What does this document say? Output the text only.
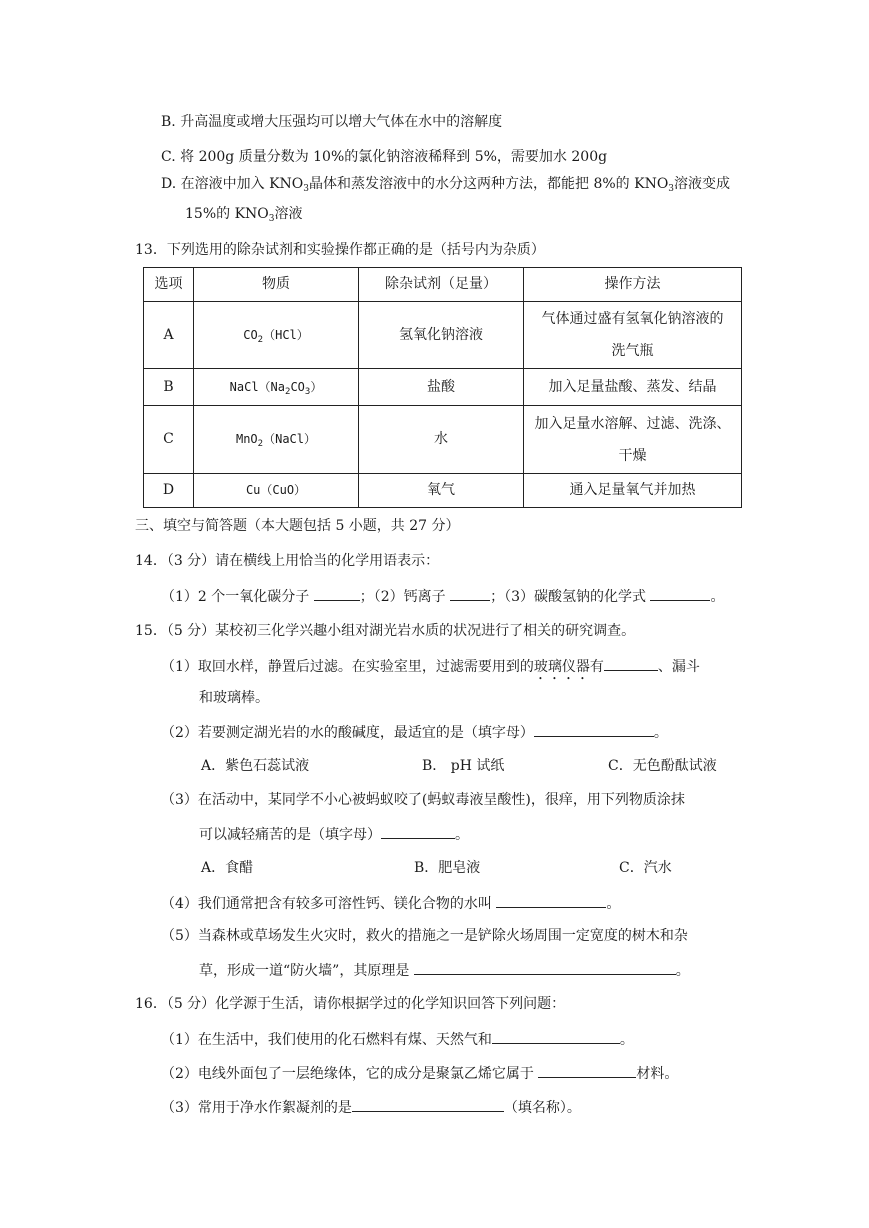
B. 升高温度或增大压强均可以增大气体在水中的溶解度
C. 将 200g 质量分数为 10%的氯化钠溶液稀释到 5%，需要加水 200g
D. 在溶液中加入 $KNO_3$晶体和蒸发溶液中的水分这两种方法，都能把 8%的 $KNO_3$溶液变成
15%的 $KNO_3$溶液
13．下列选用的除杂试剂和实验操作都正确的是（括号内为杂质）
选项	物质	除杂试剂（足量）	操作方法
A	$CO_2(HCl)$	氢氧化钠溶液	气体通过盛有氢氧化钠溶液的
洗气瓶

B	$NaCl(Na_2CO_3)$	盐酸	加入足量盐酸、蒸发、结晶

C	MnO$_2$（NaCl）	水	加入足量水溶解、过滤、洗涤、
干燥

D	Cu（CuO）	氧气	通入足量氧气并加热
三、填空与简答题（本大题包括 5 小题，共 27 分）
14．（3 分）请在横线上用恰当的化学用语表示：
（1）2 个一氧化碳分子	；（2）钙离子	；（3）碳酸氢钠的化学式	。
15．（5 分）某校初三化学兴趣小组对湖光岩水质的状况进行了相关的研究调查。
（1）取回水样，静置后过滤。在实验室里，过滤需要用到的玻璃仪器有	、漏斗
和玻璃棒。
（2）若要测定湖光岩的水的酸碱度，最适宜的是（填字母）	。
A．紫色石蕊试液	B． pH 试纸	C．无色酚酞试液
（3）在活动中，某同学不小心被蚂蚁咬了(蚂蚁毒液呈酸性)，很痒，用下列物质涂抹
可以减轻痛苦的是（填字母）	。
A．食醋	B．肥皂液	C．汽水
（4）我们通常把含有较多可溶性钙、镁化合物的水叫	。
（5）当森林或草场发生火灾时，救火的措施之一是铲除火场周围一定宽度的树木和杂
草，形成一道“防火墙”，其原理是	。
16．（5 分）化学源于生活，请你根据学过的化学知识回答下列问题：
（1）在生活中，我们使用的化石燃料有煤、天然气和	。
（2）电线外面包了一层绝缘体，它的成分是聚氯乙烯它属于	材料。
（3）常用于净水作絮凝剂的是	（填名称）。
